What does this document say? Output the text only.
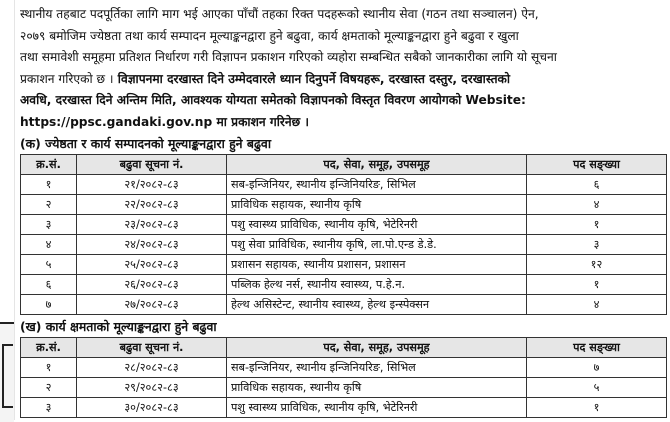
स्थानीय तहबाट पदपूर्तिका लागि माग भई आएका पाँचौं तहका रिक्त पदहरूको स्थानीय सेवा (गठन तथा सञ्चालन) ऐन,
२०७९ बमोजिम ज्येष्ठता तथा कार्य सम्पादन मूल्याङ्कनद्वारा हुने बढुवा, कार्य क्षमताको मूल्याङ्कनद्वारा हुने बढुवा र खुला
तथा समावेशी समूहमा प्रतिशत निर्धारण गरी विज्ञापन प्रकाशन गरिएको व्यहोरा सम्बन्धित सबैको जानकारीका लागि यो सूचना
प्रकाशन गरिएको छ । विज्ञापनमा दरखास्त दिने उम्मेदवारले ध्यान दिनुपर्ने विषयहरू, दरखास्त दस्तुर, दरखास्तको
अवधि, दरखास्त दिने अन्तिम मिति, आवश्यक योग्यता समेतको विज्ञापनको विस्तृत विवरण आयोगको Website:
https://ppsc.gandaki.gov.np मा प्रकाशन गरिनेछ ।
(क) ज्येष्ठता र कार्य सम्पादनको मूल्याङ्कनद्वारा हुने बढुवा
क्र.सं.	बढुवा सूचना नं.	पद, सेवा, समूह, उपसमूह	पद सङ्ख्या
१	२१/२०८२-८३	सब-इन्जिनियर, स्थानीय इन्जिनियरिङ, सिभिल	६
२	२२/२०८२-८३	प्राविधिक सहायक, स्थानीय कृषि	४
३	२३/२०८२-८३	पशु स्वास्थ्य प्राविधिक, स्थानीय कृषि, भेटेरिनरी	१
४	२४/२०८२-८३	पशु सेवा प्राविधिक, स्थानीय कृषि, ला.पो.एन्ड डे.डे.	३
५	२५/२०८२-८३	प्रशासन सहायक, स्थानीय प्रशासन, प्रशासन	१२
६	२६/२०८२-८३	पब्लिक हेल्थ नर्स, स्थानीय स्वास्थ्य, प.हे.न.	१
७	२७/२०८२-८३	हेल्थ असिस्टेन्ट, स्थानीय स्वास्थ्य, हेल्थ इन्स्पेक्सन	४
(ख) कार्य क्षमताको मूल्याङ्कनद्वारा हुने बढुवा
क्र.सं.	बढुवा सूचना नं.	पद, सेवा, समूह, उपसमूह	पद सङ्ख्या
१	२८/२०८२-८३	सब-इन्जिनियर, स्थानीय इन्जिनियरिङ, सिभिल	७
२	२९/२०८२-८३	प्राविधिक सहायक, स्थानीय कृषि	५
३	३०/२०८२-८३	पशु स्वास्थ्य प्राविधिक, स्थानीय कृषि, भेटेरिनरी	१
